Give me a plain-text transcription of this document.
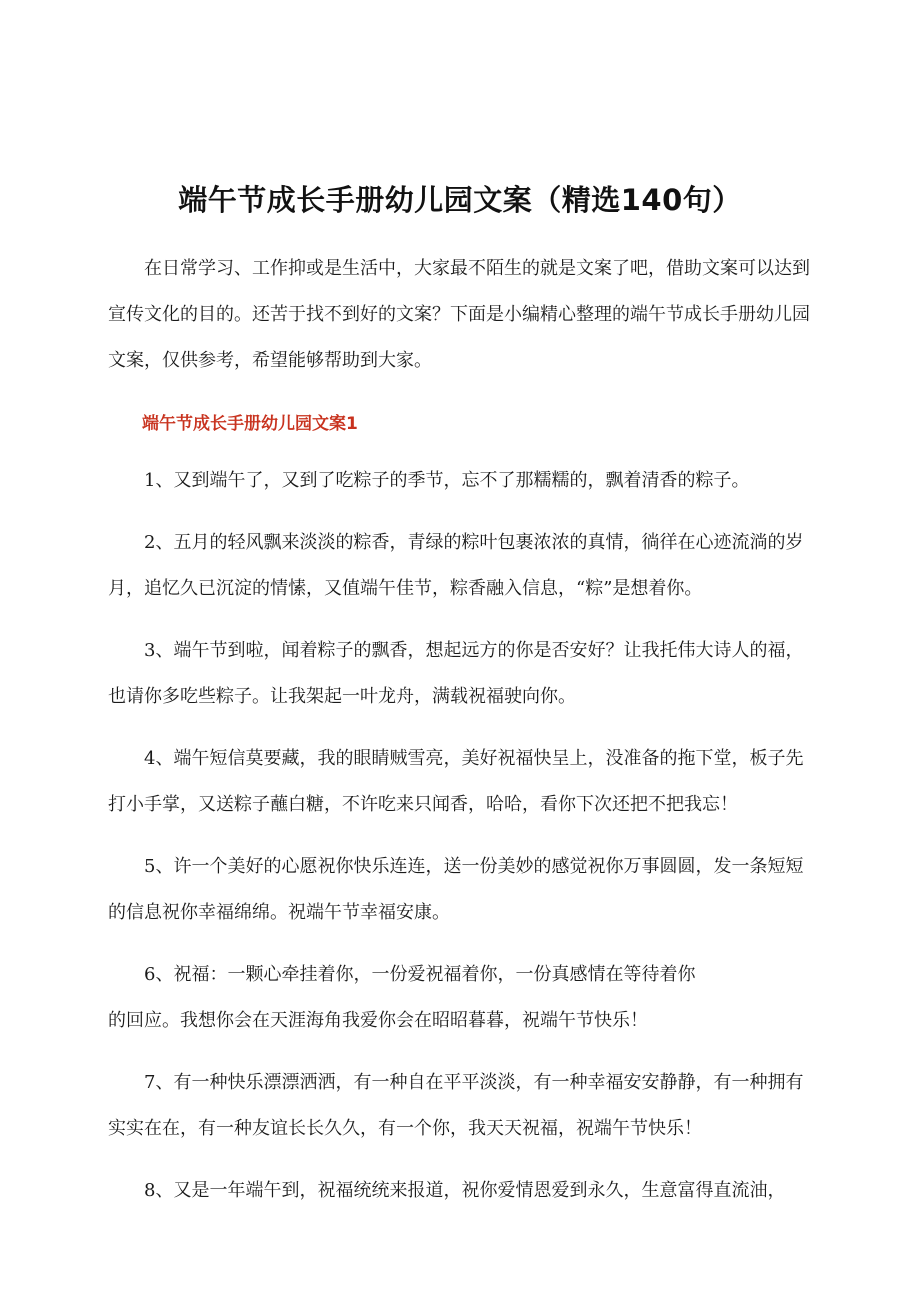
端午节成长手册幼儿园文案（精选140句）

在日常学习、工作抑或是生活中，大家最不陌生的就是文案了吧，借助文案可以达到宣传文化的目的。还苦于找不到好的文案？下面是小编精心整理的端午节成长手册幼儿园文案，仅供参考，希望能够帮助到大家。

端午节成长手册幼儿园文案1

1、又到端午了，又到了吃粽子的季节，忘不了那糯糯的，飘着清香的粽子。

2、五月的轻风飘来淡淡的粽香，青绿的粽叶包裹浓浓的真情，徜徉在心迹流淌的岁月，追忆久已沉淀的情愫，又值端午佳节，粽香融入信息，“粽”是想着你。

3、端午节到啦，闻着粽子的飘香，想起远方的你是否安好？让我托伟大诗人的福，也请你多吃些粽子。让我架起一叶龙舟，满载祝福驶向你。

4、端午短信莫要藏，我的眼睛贼雪亮，美好祝福快呈上，没准备的拖下堂，板子先打小手掌，又送粽子蘸白糖，不许吃来只闻香，哈哈，看你下次还把不把我忘！

5、许一个美好的心愿祝你快乐连连，送一份美妙的感觉祝你万事圆圆，发一条短短的信息祝你幸福绵绵。祝端午节幸福安康。

6、祝福：一颗心牵挂着你，一份爱祝福着你，一份真感情在等待着你
的回应。我想你会在天涯海角我爱你会在昭昭暮暮，祝端午节快乐！

7、有一种快乐漂漂洒洒，有一种自在平平淡淡，有一种幸福安安静静，有一种拥有实实在在，有一种友谊长长久久，有一个你，我天天祝福，祝端午节快乐！

8、又是一年端午到，祝福统统来报道，祝你爱情恩爱到永久，生意富得直流油，
